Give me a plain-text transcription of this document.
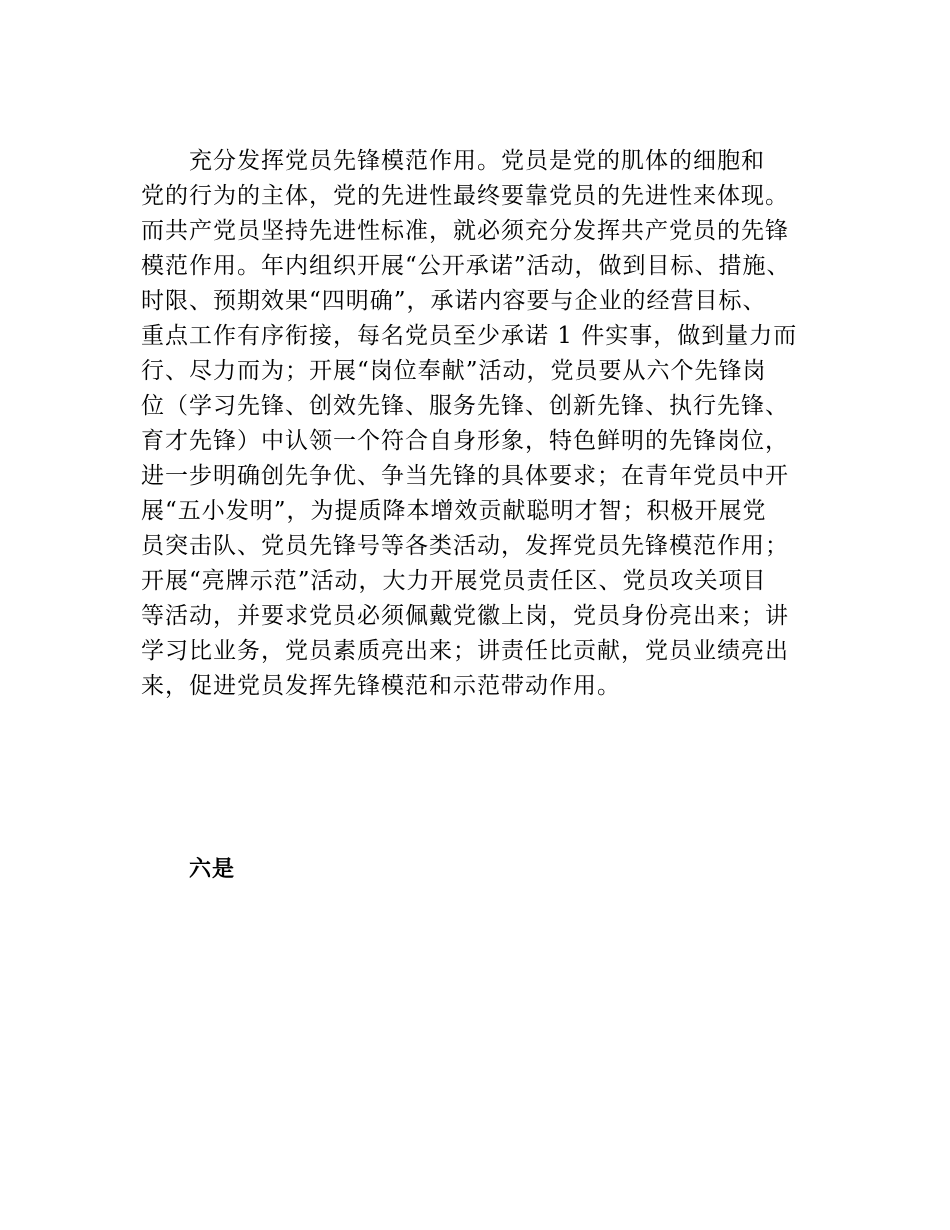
充分发挥党员先锋模范作用。党员是党的肌体的细胞和
党的行为的主体，党的先进性最终要靠党员的先进性来体现。
而共产党员坚持先进性标准，就必须充分发挥共产党员的先锋
模范作用。年内组织开展“公开承诺”活动，做到目标、措施、
时限、预期效果“四明确”，承诺内容要与企业的经营目标、
重点工作有序衔接，每名党员至少承诺 1 件实事，做到量力而
行、尽力而为；开展“岗位奉献”活动，党员要从六个先锋岗
位（学习先锋、创效先锋、服务先锋、创新先锋、执行先锋、
育才先锋）中认领一个符合自身形象，特色鲜明的先锋岗位，
进一步明确创先争优、争当先锋的具体要求；在青年党员中开
展“五小发明”，为提质降本增效贡献聪明才智；积极开展党
员突击队、党员先锋号等各类活动，发挥党员先锋模范作用；
开展“亮牌示范”活动，大力开展党员责任区、党员攻关项目
等活动，并要求党员必须佩戴党徽上岗，党员身份亮出来；讲
学习比业务，党员素质亮出来；讲责任比贡献，党员业绩亮出
来，促进党员发挥先锋模范和示范带动作用。
六是
